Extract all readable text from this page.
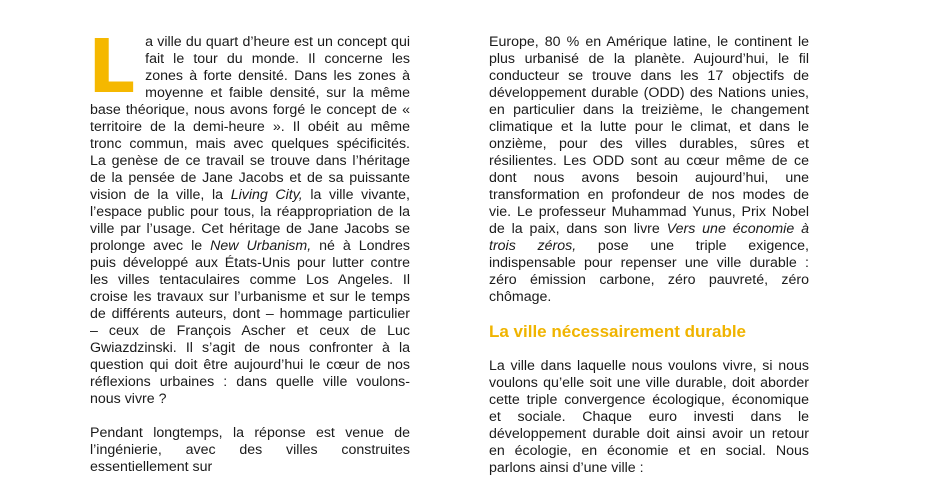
La ville du quart d’heure est un concept qui fait le tour du monde. Il concerne les zones à forte densité. Dans les zones à moyenne et faible densité, sur la même base théorique, nous avons forgé le concept de « territoire de la demi-heure ». Il obéit au même tronc commun, mais avec quelques spécificités. La genèse de ce travail se trouve dans l’héritage de la pensée de Jane Jacobs et de sa puissante vision de la ville, la Living City, la ville vivante, l’espace public pour tous, la réappropriation de la ville par l’usage. Cet héritage de Jane Jacobs se prolonge avec le New Urbanism, né à Londres puis développé aux États-Unis pour lutter contre les villes tentaculaires comme Los Angeles. Il croise les travaux sur l’urbanisme et sur le temps de différents auteurs, dont – hommage particulier – ceux de François Ascher et ceux de Luc Gwiazdzinski. Il s’agit de nous confronter à la question qui doit être aujourd’hui le cœur de nos réflexions urbaines : dans quelle ville voulons-nous vivre ?

Pendant longtemps, la réponse est venue de l’ingénierie, avec des villes construites essentiellement sur

Europe, 80 % en Amérique latine, le continent le plus urbanisé de la planète. Aujourd’hui, le fil conducteur se trouve dans les 17 objectifs de développement durable (ODD) des Nations unies, en particulier dans la treizième, le changement climatique et la lutte pour le climat, et dans le onzième, pour des villes durables, sûres et résilientes. Les ODD sont au cœur même de ce dont nous avons besoin aujourd’hui, une transformation en profondeur de nos modes de vie. Le professeur Muhammad Yunus, Prix Nobel de la paix, dans son livre Vers une économie à trois zéros, pose une triple exigence, indispensable pour repenser une ville durable : zéro émission carbone, zéro pauvreté, zéro chômage.

La ville nécessairement durable

La ville dans laquelle nous voulons vivre, si nous voulons qu’elle soit une ville durable, doit aborder cette triple convergence écologique, économique et sociale. Chaque euro investi dans le développement durable doit ainsi avoir un retour en écologie, en économie et en social. Nous parlons ainsi d’une ville :
